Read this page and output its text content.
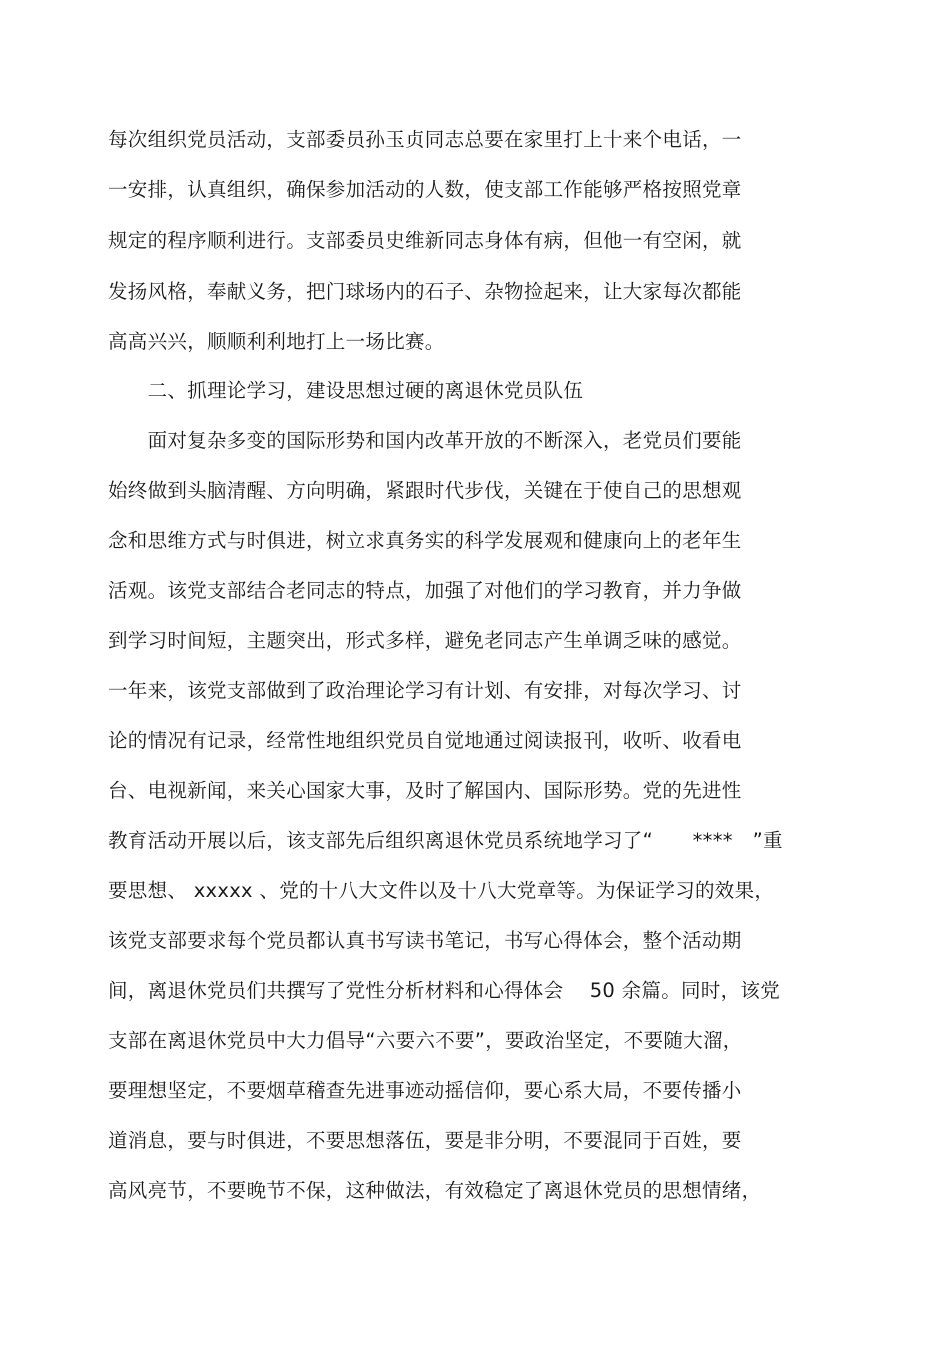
每次组织党员活动，支部委员孙玉贞同志总要在家里打上十来个电话，一
一安排，认真组织，确保参加活动的人数，使支部工作能够严格按照党章
规定的程序顺利进行。支部委员史维新同志身体有病，但他一有空闲，就
发扬风格，奉献义务，把门球场内的石子、杂物捡起来，让大家每次都能
高高兴兴，顺顺利利地打上一场比赛。
　　二、抓理论学习，建设思想过硬的离退休党员队伍
　　面对复杂多变的国际形势和国内改革开放的不断深入，老党员们要能
始终做到头脑清醒、方向明确，紧跟时代步伐，关键在于使自己的思想观
念和思维方式与时俱进，树立求真务实的科学发展观和健康向上的老年生
活观。该党支部结合老同志的特点，加强了对他们的学习教育，并力争做
到学习时间短，主题突出，形式多样，避免老同志产生单调乏味的感觉。
一年来，该党支部做到了政治理论学习有计划、有安排，对每次学习、讨
论的情况有记录，经常性地组织党员自觉地通过阅读报刊，收听、收看电
台、电视新闻，来关心国家大事，及时了解国内、国际形势。党的先进性
教育活动开展以后，该支部先后组织离退休党员系统地学习了“　　****　”重
要思想、 xxxxx 、党的十八大文件以及十八大党章等。为保证学习的效果，
该党支部要求每个党员都认真书写读书笔记，书写心得体会，整个活动期
间，离退休党员们共撰写了党性分析材料和心得体会　 50 余篇。同时，该党
支部在离退休党员中大力倡导“六要六不要”，要政治坚定，不要随大溜，
要理想坚定，不要烟草稽查先进事迹动摇信仰，要心系大局，不要传播小
道消息，要与时俱进，不要思想落伍，要是非分明，不要混同于百姓，要
高风亮节，不要晚节不保，这种做法，有效稳定了离退休党员的思想情绪，
